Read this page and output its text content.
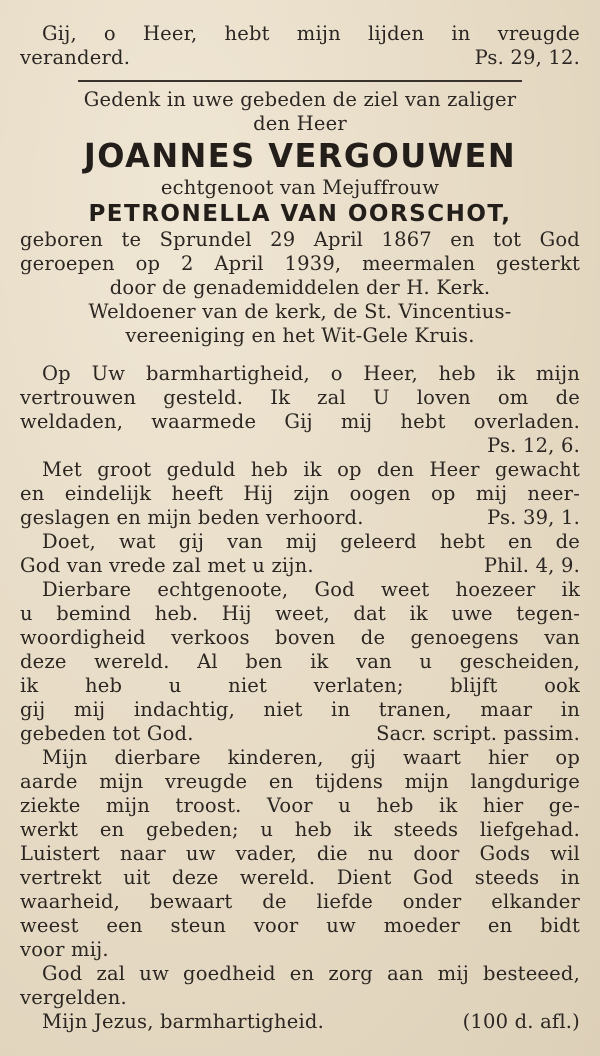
Gij, o Heer, hebt mijn lijden in vreugde
veranderd.	Ps. 29, 12.
Gedenk in uwe gebeden de ziel van zaliger
den Heer
JOANNES VERGOUWEN
echtgenoot van Mejuffrouw
PETRONELLA VAN OORSCHOT,
geboren te Sprundel 29 April 1867 en tot God
geroepen op 2 April 1939, meermalen gesterkt
door de genademiddelen der H. Kerk.
Weldoener van de kerk, de St. Vincentius-
vereeniging en het Wit-Gele Kruis.
Op Uw barmhartigheid, o Heer, heb ik mijn
vertrouwen gesteld. Ik zal U loven om de
weldaden, waarmede Gij mij hebt overladen.
Ps. 12, 6.
Met groot geduld heb ik op den Heer gewacht
en eindelijk heeft Hij zijn oogen op mij neer-
geslagen en mijn beden verhoord.	Ps. 39, 1.
Doet, wat gij van mij geleerd hebt en de
God van vrede zal met u zijn.	Phil. 4, 9.
Dierbare echtgenoote, God weet hoezeer ik
u bemind heb. Hij weet, dat ik uwe tegen-
woordigheid verkoos boven de genoegens van
deze wereld. Al ben ik van u gescheiden,
ik heb u niet verlaten; blijft ook
gij mij indachtig, niet in tranen, maar in
gebeden tot God.	Sacr. script. passim.
Mijn dierbare kinderen, gij waart hier op
aarde mijn vreugde en tijdens mijn langdurige
ziekte mijn troost. Voor u heb ik hier ge-
werkt en gebeden; u heb ik steeds liefgehad.
Luistert naar uw vader, die nu door Gods wil
vertrekt uit deze wereld. Dient God steeds in
waarheid, bewaart de liefde onder elkander
weest een steun voor uw moeder en bidt
voor mij.
God zal uw goedheid en zorg aan mij besteeed,
vergelden.
Mijn Jezus, barmhartigheid.	(100 d. afl.)
